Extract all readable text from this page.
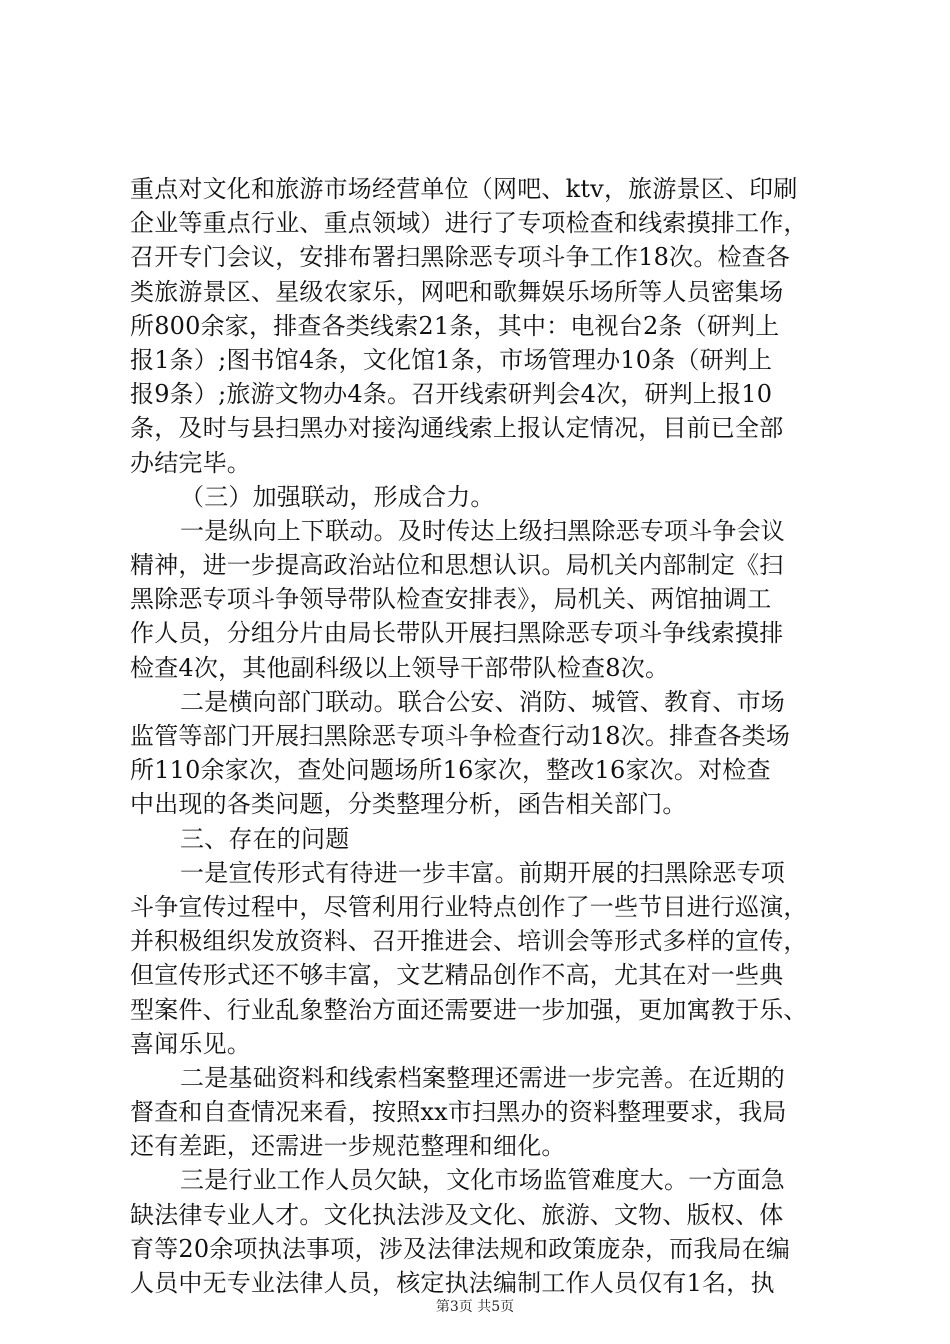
重点对文化和旅游市场经营单位（网吧、ktv，旅游景区、印刷
企业等重点行业、重点领域）进行了专项检查和线索摸排工作，
召开专门会议，安排布署扫黑除恶专项斗争工作18次。检查各
类旅游景区、星级农家乐，网吧和歌舞娱乐场所等人员密集场
所800余家，排查各类线索21条，其中：电视台2条（研判上
报1条）;图书馆4条，文化馆1条，市场管理办10条（研判上
报9条）;旅游文物办4条。召开线索研判会4次，研判上报10
条，及时与县扫黑办对接沟通线索上报认定情况，目前已全部
办结完毕。
（三）加强联动，形成合力。
一是纵向上下联动。及时传达上级扫黑除恶专项斗争会议
精神，进一步提高政治站位和思想认识。局机关内部制定《扫
黑除恶专项斗争领导带队检查安排表》，局机关、两馆抽调工
作人员，分组分片由局长带队开展扫黑除恶专项斗争线索摸排
检查4次，其他副科级以上领导干部带队检查8次。
二是横向部门联动。联合公安、消防、城管、教育、市场
监管等部门开展扫黑除恶专项斗争检查行动18次。排查各类场
所110余家次，查处问题场所16家次，整改16家次。对检查
中出现的各类问题，分类整理分析，函告相关部门。
三、存在的问题
一是宣传形式有待进一步丰富。前期开展的扫黑除恶专项
斗争宣传过程中，尽管利用行业特点创作了一些节目进行巡演，
并积极组织发放资料、召开推进会、培训会等形式多样的宣传，
但宣传形式还不够丰富，文艺精品创作不高，尤其在对一些典
型案件、行业乱象整治方面还需要进一步加强，更加寓教于乐、
喜闻乐见。
二是基础资料和线索档案整理还需进一步完善。在近期的
督查和自查情况来看，按照xx市扫黑办的资料整理要求，我局
还有差距，还需进一步规范整理和细化。
三是行业工作人员欠缺，文化市场监管难度大。一方面急
缺法律专业人才。文化执法涉及文化、旅游、文物、版权、体
育等20余项执法事项，涉及法律法规和政策庞杂，而我局在编
人员中无专业法律人员，核定执法编制工作人员仅有1名，执
第3页 共5页
